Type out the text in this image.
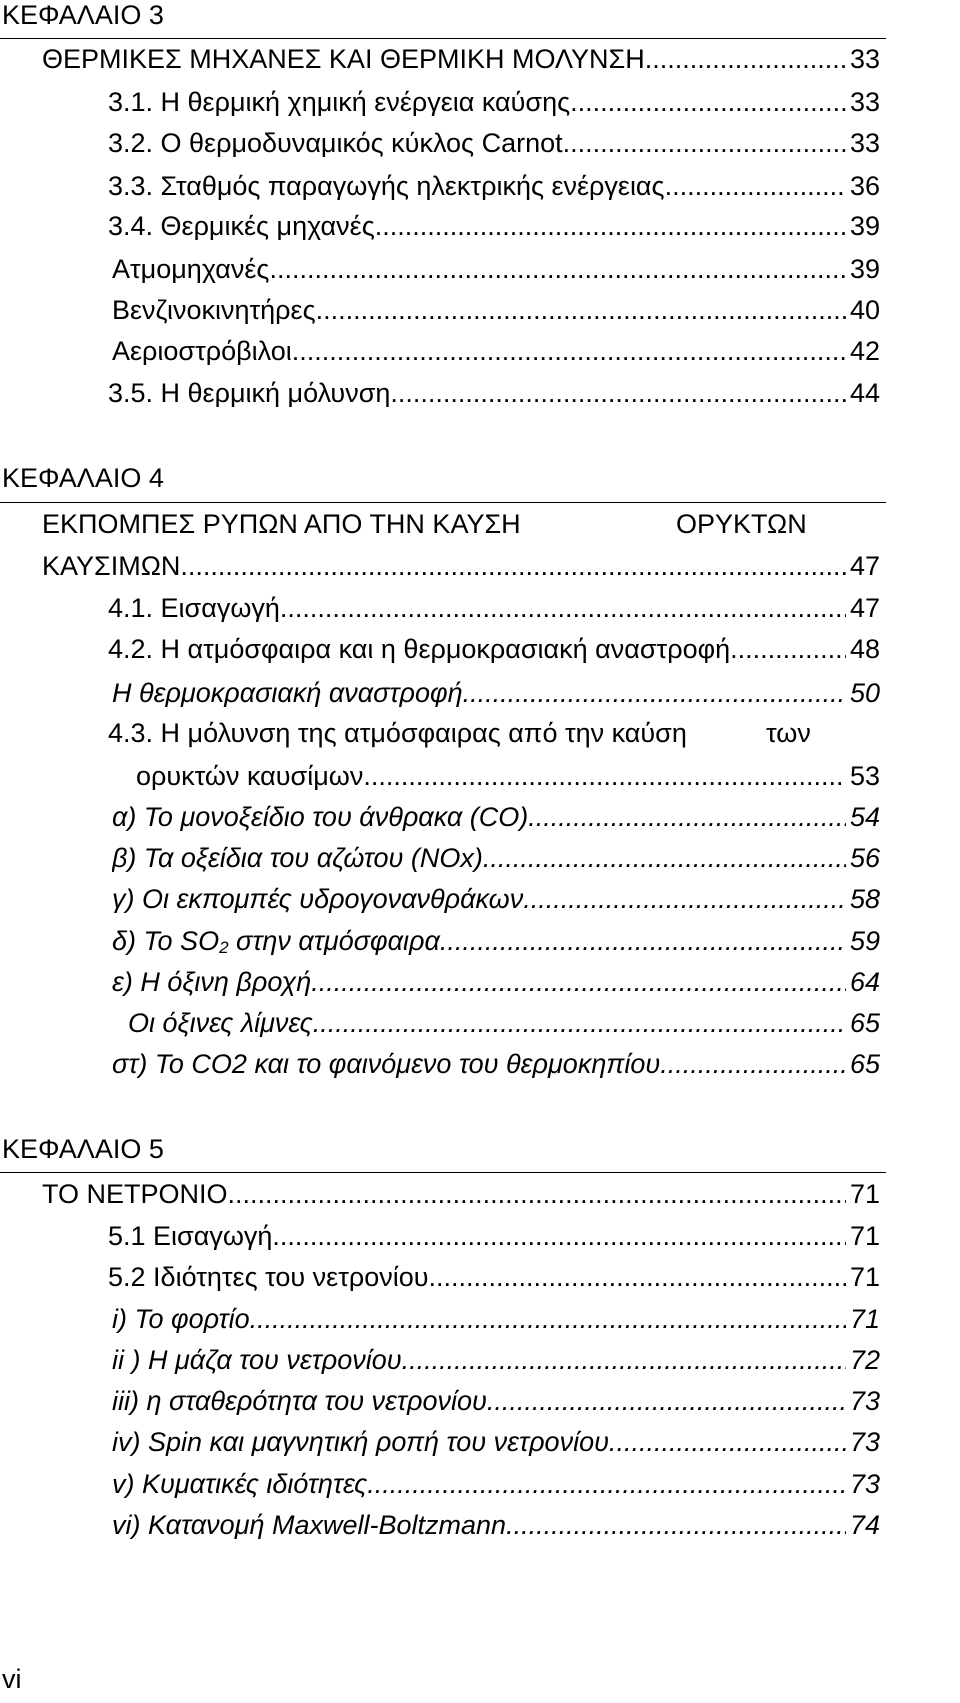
ΚΕΦΑΛΑΙΟ 3
ΘΕΡΜΙΚΕΣ ΜΗΧΑΝΕΣ ΚΑΙ ΘΕΡΜΙΚΗ ΜΟΛΥΝΣΗ .....	33
3.1. Η θερμική χημική ενέργεια καύσης .....	33
3.2. Ο θερμοδυναμικός κύκλος Carnot .....	33
3.3. Σταθμός παραγωγής ηλεκτρικής ενέργειας .....	36
3.4. Θερμικές μηχανές .....	39
Ατμομηχανές .....	39
Βενζινοκινητήρες .....	40
Αεριοστρόβιλοι .....	42
3.5. Η θερμική μόλυνση .....	44
ΚΕΦΑΛΑΙΟ 4
ΕΚΠΟΜΠΕΣ ΡΥΠΩΝ ΑΠΟ ΤΗΝ ΚΑΥΣΗ	ΟΡΥΚΤΩΝ
ΚΑΥΣΙΜΩΝ .....	47
4.1. Εισαγωγή .....	47
4.2. Η ατμόσφαιρα και η θερμοκρασιακή αναστροφή. .....	48
Η θερμοκρασιακή αναστροφή .....	50
4.3. Η μόλυνση της ατμόσφαιρας από την καύση	των
ορυκτών καυσίμων .....	53
α) Το μονοξείδιο του άνθρακα (CO) .....	54
β) Τα οξείδια του αζώτου (NOx) .....	56
γ) Οι εκπομπές υδρογονανθράκων .....	58
δ) Το $SO_2$ στην ατμόσφαιρα .....	59
ε) Η όξινη βροχή .....	64
Οι όξινες λίμνες .....	65
στ) Το CO2 και το φαινόμενο του θερμοκηπίου .....	65
ΚΕΦΑΛΑΙΟ 5
ΤΟ ΝΕΤΡΟΝΙΟ .....	71
5.1 Εισαγωγή .....	71
5.2 Ιδιότητες του νετρονίου. .....	71
i) Το φορτίο .....	71
ii ) Η μάζα του νετρονίου. .....	72
iii) η σταθερότητα του νετρονίου .....	73
iv) Spin και μαγνητική ροπή του νετρονίου. .....	73
v) Κυματικές ιδιότητες .....	73
vi) Κατανομή Maxwell-Boltzmann .....	74
vi
